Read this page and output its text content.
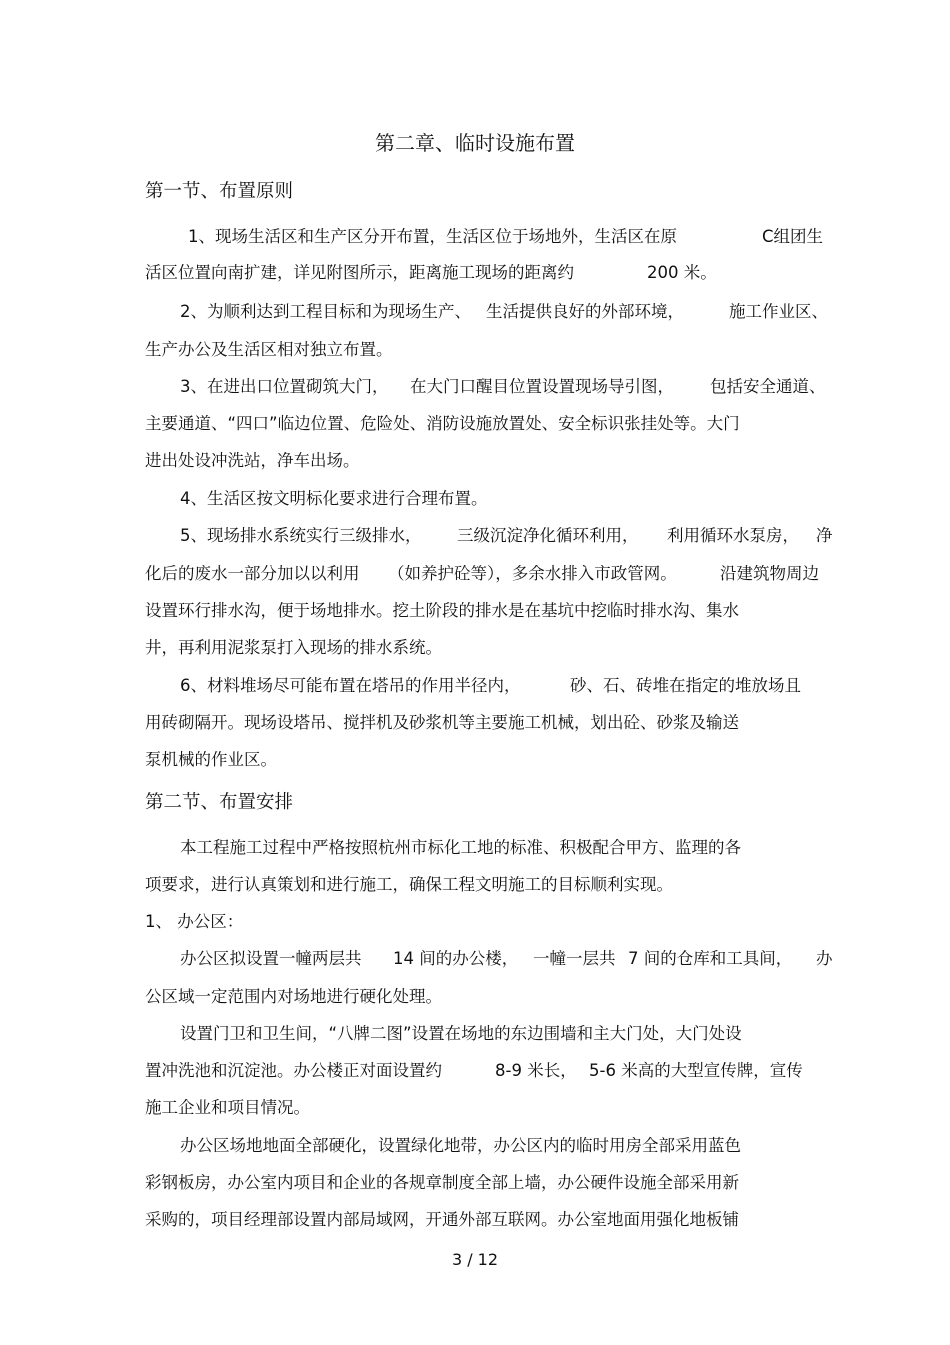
第二章、临时设施布置
第一节、布置原则
1、现场生活区和生产区分开布置，生活区位于场地外，生活区在原	C组团生
活区位置向南扩建，详见附图所示，距离施工现场的距离约	200 米。
2、为顺利达到工程目标和为现场生产、 生活提供良好的外部环境，	施工作业区、
生产办公及生活区相对独立布置。
3、在进出口位置砌筑大门， 在大门口醒目位置设置现场导引图， 包括安全通道、
主要通道、“四口”临边位置、危险处、消防设施放置处、安全标识张挂处等。大门
进出处设冲洗站，净车出场。
4、生活区按文明标化要求进行合理布置。
5、现场排水系统实行三级排水， 三级沉淀净化循环利用， 利用循环水泵房， 净
化后的废水一部分加以以利用 （如养护砼等），多余水排入市政管网。	沿建筑物周边
设置环行排水沟，便于场地排水。挖土阶段的排水是在基坑中挖临时排水沟、集水
井，再利用泥浆泵打入现场的排水系统。
6、材料堆场尽可能布置在塔吊的作用半径内，	砂、石、砖堆在指定的堆放场且
用砖砌隔开。现场设塔吊、搅拌机及砂浆机等主要施工机械，划出砼、砂浆及输送
泵机械的作业区。
第二节、布置安排
本工程施工过程中严格按照杭州市标化工地的标准、积极配合甲方、监理的各
项要求，进行认真策划和进行施工，确保工程文明施工的目标顺利实现。
1、 办公区：
办公区拟设置一幢两层共 14 间的办公楼， 一幢一层共 7 间的仓库和工具间， 办
公区域一定范围内对场地进行硬化处理。
设置门卫和卫生间，“八牌二图”设置在场地的东边围墙和主大门处，大门处设
置冲洗池和沉淀池。办公楼正对面设置约	8-9 米长， 5-6 米高的大型宣传牌，宣传
施工企业和项目情况。
办公区场地地面全部硬化，设置绿化地带，办公区内的临时用房全部采用蓝色
彩钢板房，办公室内项目和企业的各规章制度全部上墙，办公硬件设施全部采用新
采购的，项目经理部设置内部局域网，开通外部互联网。办公室地面用强化地板铺
3 / 12
